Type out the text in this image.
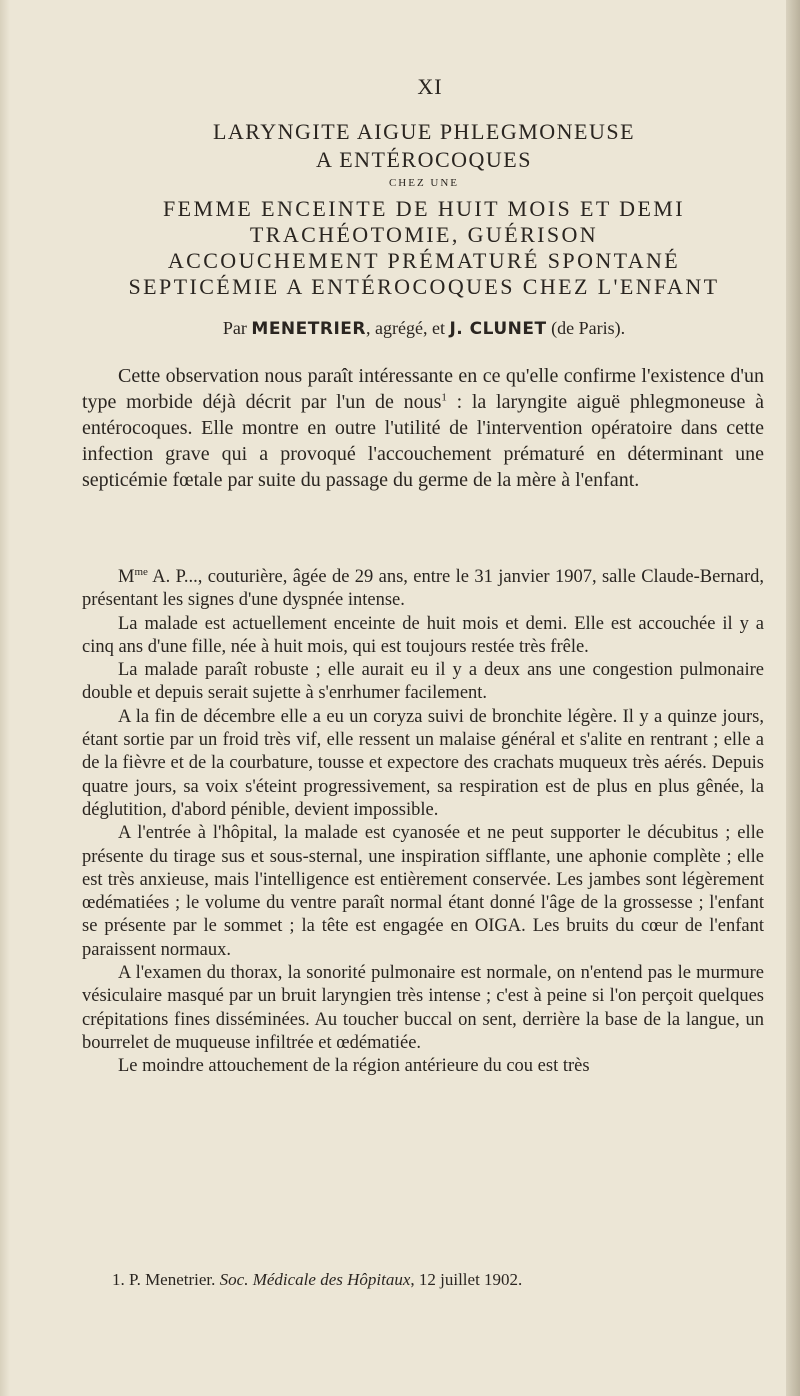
XI
LARYNGITE AIGUE PHLEGMONEUSE
A ENTÉROCOQUES
CHEZ UNE
FEMME ENCEINTE DE HUIT MOIS ET DEMI
TRACHÉOTOMIE, GUÉRISON
ACCOUCHEMENT PRÉMATURÉ SPONTANÉ
SEPTICÉMIE A ENTÉROCOQUES CHEZ L'ENFANT
Par MENETRIER, agrégé, et J. CLUNET (de Paris).

Cette observation nous paraît intéressante en ce qu'elle confirme l'existence d'un type morbide déjà décrit par l'un de nous$^1$ : la laryngite aiguë phlegmoneuse à entérocoques. Elle montre en outre l'utilité de l'intervention opératoire dans cette infection grave qui a provoqué l'accouchement prématuré en déterminant une septicémie fœtale par suite du passage du germe de la mère à l'enfant.

$M^{me}$ A. P..., couturière, âgée de 29 ans, entre le 31 janvier 1907, salle Claude-Bernard, présentant les signes d'une dyspnée intense.

La malade est actuellement enceinte de huit mois et demi. Elle est accouchée il y a cinq ans d'une fille, née à huit mois, qui est toujours restée très frêle.

La malade paraît robuste ; elle aurait eu il y a deux ans une congestion pulmonaire double et depuis serait sujette à s'enrhumer facilement.

A la fin de décembre elle a eu un coryza suivi de bronchite légère. Il y a quinze jours, étant sortie par un froid très vif, elle ressent un malaise général et s'alite en rentrant ; elle a de la fièvre et de la courbature, tousse et expectore des crachats muqueux très aérés. Depuis quatre jours, sa voix s'éteint progressivement, sa respiration est de plus en plus gênée, la déglutition, d'abord pénible, devient impossible.

A l'entrée à l'hôpital, la malade est cyanosée et ne peut supporter le décubitus ; elle présente du tirage sus et sous-sternal, une inspiration sifflante, une aphonie complète ; elle est très anxieuse, mais l'intelligence est entièrement conservée. Les jambes sont légèrement œdématiées ; le volume du ventre paraît normal étant donné l'âge de la grossesse ; l'enfant se présente par le sommet ; la tête est engagée en OIGA. Les bruits du cœur de l'enfant paraissent normaux.

A l'examen du thorax, la sonorité pulmonaire est normale, on n'entend pas le murmure vésiculaire masqué par un bruit laryngien très intense ; c'est à peine si l'on perçoit quelques crépitations fines disséminées. Au toucher buccal on sent, derrière la base de la langue, un bourrelet de muqueuse infiltrée et œdématiée.

Le moindre attouchement de la région antérieure du cou est très

1. P. Menetrier. Soc. Médicale des Hôpitaux, 12 juillet 1902.
